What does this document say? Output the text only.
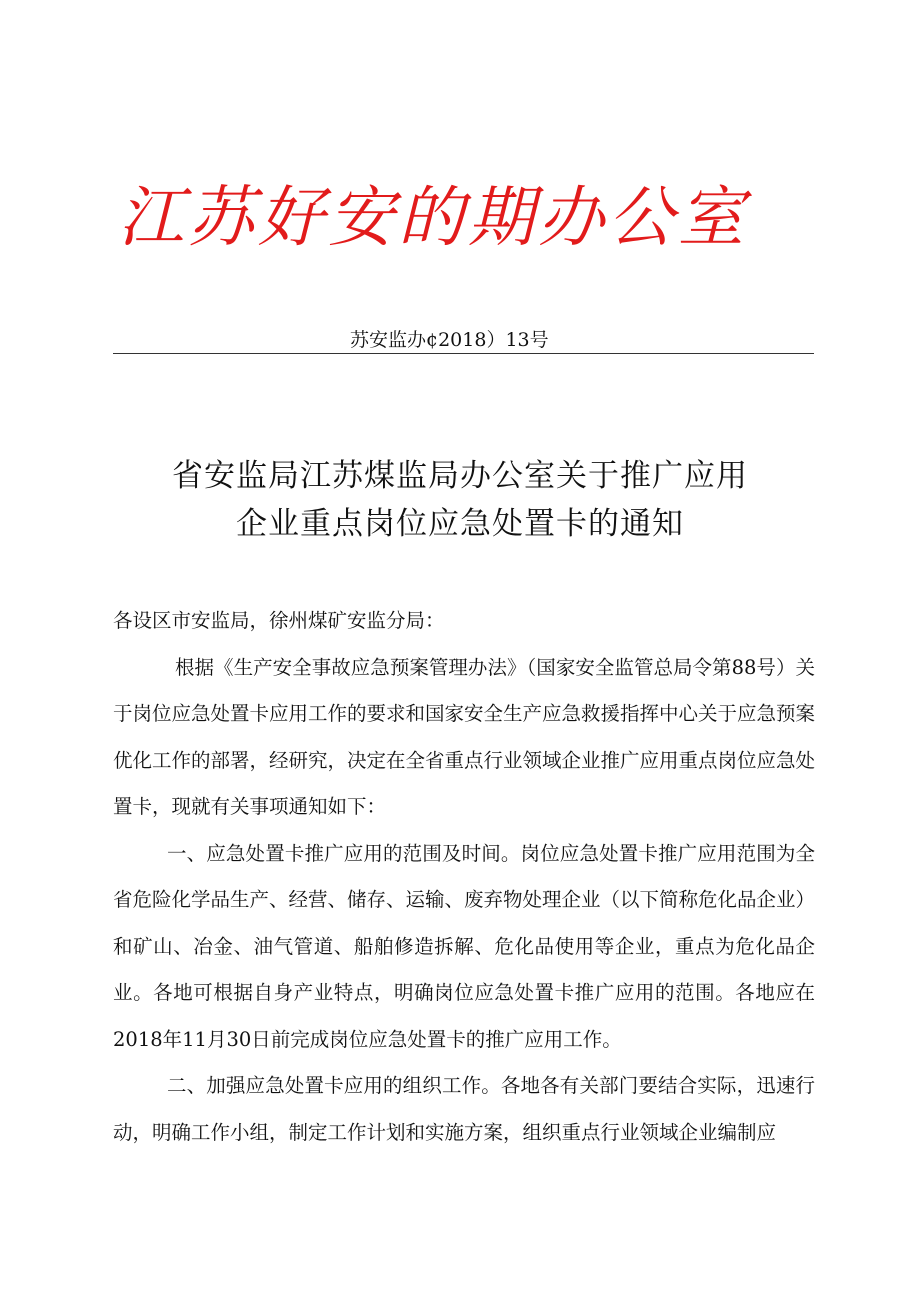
江苏好安的期办公室
苏安监办¢2018）13号
省安监局江苏煤监局办公室关于推广应用
企业重点岗位应急处置卡的通知

各设区市安监局，徐州煤矿安监分局：

根据《生产安全事故应急预案管理办法》（国家安全监管总局令第88号）关于岗位应急处置卡应用工作的要求和国家安全生产应急救援指挥中心关于应急预案优化工作的部署，经研究，决定在全省重点行业领域企业推广应用重点岗位应急处置卡，现就有关事项通知如下：

一、应急处置卡推广应用的范围及时间。岗位应急处置卡推广应用范围为全省危险化学品生产、经营、储存、运输、废弃物处理企业（以下简称危化品企业）和矿山、冶金、油气管道、船舶修造拆解、危化品使用等企业，重点为危化品企业。各地可根据自身产业特点，明确岗位应急处置卡推广应用的范围。各地应在2018年11月30日前完成岗位应急处置卡的推广应用工作。

二、加强应急处置卡应用的组织工作。各地各有关部门要结合实际，迅速行动，明确工作小组，制定工作计划和实施方案，组织重点行业领域企业编制应
